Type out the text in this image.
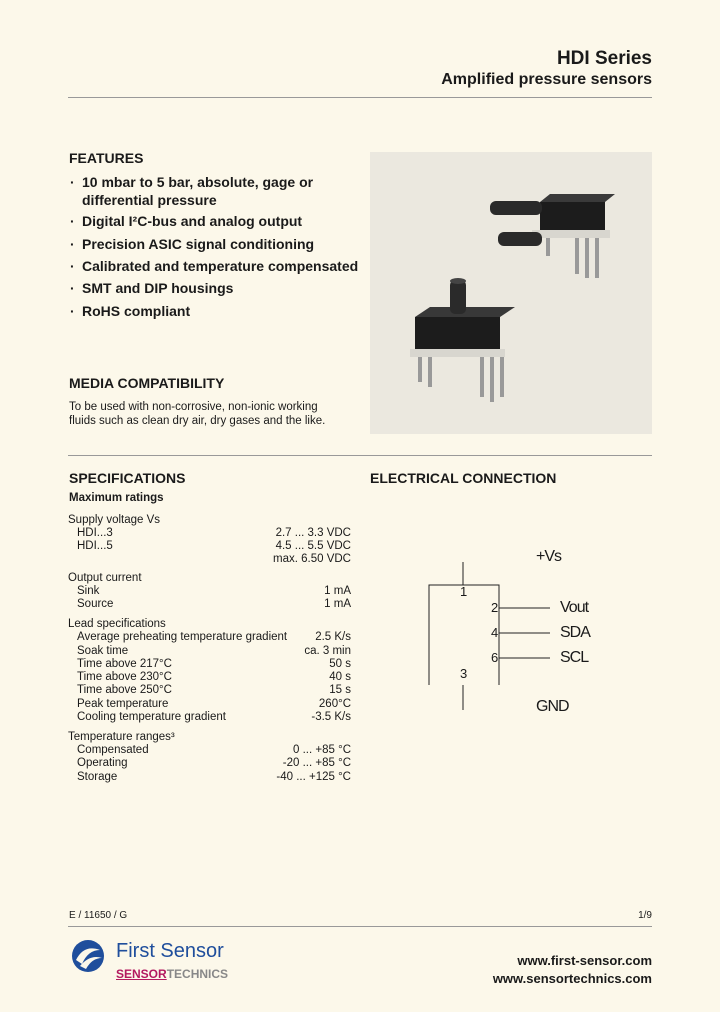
HDI Series
Amplified pressure sensors
FEATURES
· 10 mbar to 5 bar, absolute, gage or differential pressure
· Digital I²C-bus and analog output
· Precision ASIC signal conditioning
· Calibrated and temperature compensated
· SMT and DIP housings
· RoHS compliant
MEDIA COMPATIBILITY
To be used with non-corrosive, non-ionic working
fluids such as clean dry air, dry gases and the like.
SPECIFICATIONS
Maximum ratings
Supply voltage Vs
HDI...3	2.7 ... 3.3 VDC
HDI...5	4.5 ... 5.5 VDC
max. 6.50 VDC
Output current
Sink	1 mA
Source	1 mA
Lead specifications
Average preheating temperature gradient 2.5 K/s
Soak time	ca. 3 min
Time above 217°C	50 s
Time above 230°C	40 s
Time above 250°C	15 s
Peak temperature	260°C
Cooling temperature gradient	-3.5 K/s
Temperature ranges³
Compensated	0 ... +85 °C
Operating	-20 ... +85 °C
Storage	-40 ... +125 °C
ELECTRICAL CONNECTION
+Vs
1
2
4
6
3
Vout
SDA
SCL
GND
E / 11650 / G	1/9
First Sensor
SENSORTECHNICS
www.first-sensor.com
www.sensortechnics.com
